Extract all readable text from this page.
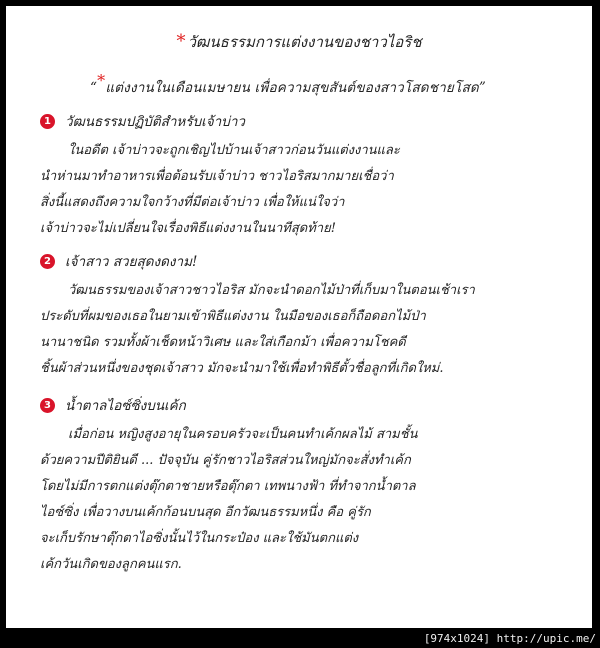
* วัฒนธรรมการแต่งงานของชาวไอริช
“*แต่งงานในเดือนเมษายน เพื่อความสุขสันต์ของสาวโสดชายโสด”
1 วัฒนธรรมปฏิบัติสำหรับเจ้าบ่าว
ในอดีต เจ้าบ่าวจะถูกเชิญไปบ้านเจ้าสาวก่อนวันแต่งงานและ
นำห่านมาทำอาหารเพื่อต้อนรับเจ้าบ่าว ชาวไอริสมากมายเชื่อว่า
สิ่งนี้แสดงถึงความใจกว้างที่มีต่อเจ้าบ่าว เพื่อให้แน่ใจว่า
เจ้าบ่าวจะไม่เปลี่ยนใจเรื่องพิธีแต่งงานในนาทีสุดท้าย!
2 เจ้าสาว สวยสุดงดงาม!
วัฒนธรรมของเจ้าสาวชาวไอริส มักจะนำดอกไม้ป่าที่เก็บมาในตอนเช้าเรา
ประดับที่ผมของเธอในยามเข้าพิธีแต่งงาน ในมือของเธอก็ถือดอกไม้ป่า
นานาชนิด รวมทั้งผ้าเช็ดหน้าวิเศษ และใส่เกือกม้า เพื่อความโชคดี
ชิ้นผ้าส่วนหนึ่งของชุดเจ้าสาว มักจะนำมาใช้เพื่อทำพิธีตั้วชื่อลูกที่เกิดใหม่.
3 น้ำตาลไอซ์ซิ่งบนเค้ก
เมื่อก่อน หญิงสูงอายุในครอบครัวจะเป็นคนทำเค้กผลไม้ สามชั้น
ด้วยความปีติยินดี ... ปัจจุบัน คู่รักชาวไอริสส่วนใหญ่มักจะสั่งทำเค้ก
โดยไม่มีการตกแต่งตุ๊กตาชายหรือตุ๊กตา เทพนางฟ้า ที่ทำจากน้ำตาล
ไอซ์ซิ่ง เพื่อวางบนเค้กก้อนบนสุด อีกวัฒนธรรมหนึ่ง คือ คู่รัก
จะเก็บรักษาตุ๊กตาไอซิ่งนั้นไว้ในกระป๋อง และใช้มันตกแต่ง
เค้กวันเกิดของลูกคนแรก.
[974x1024] http://upic.me/
